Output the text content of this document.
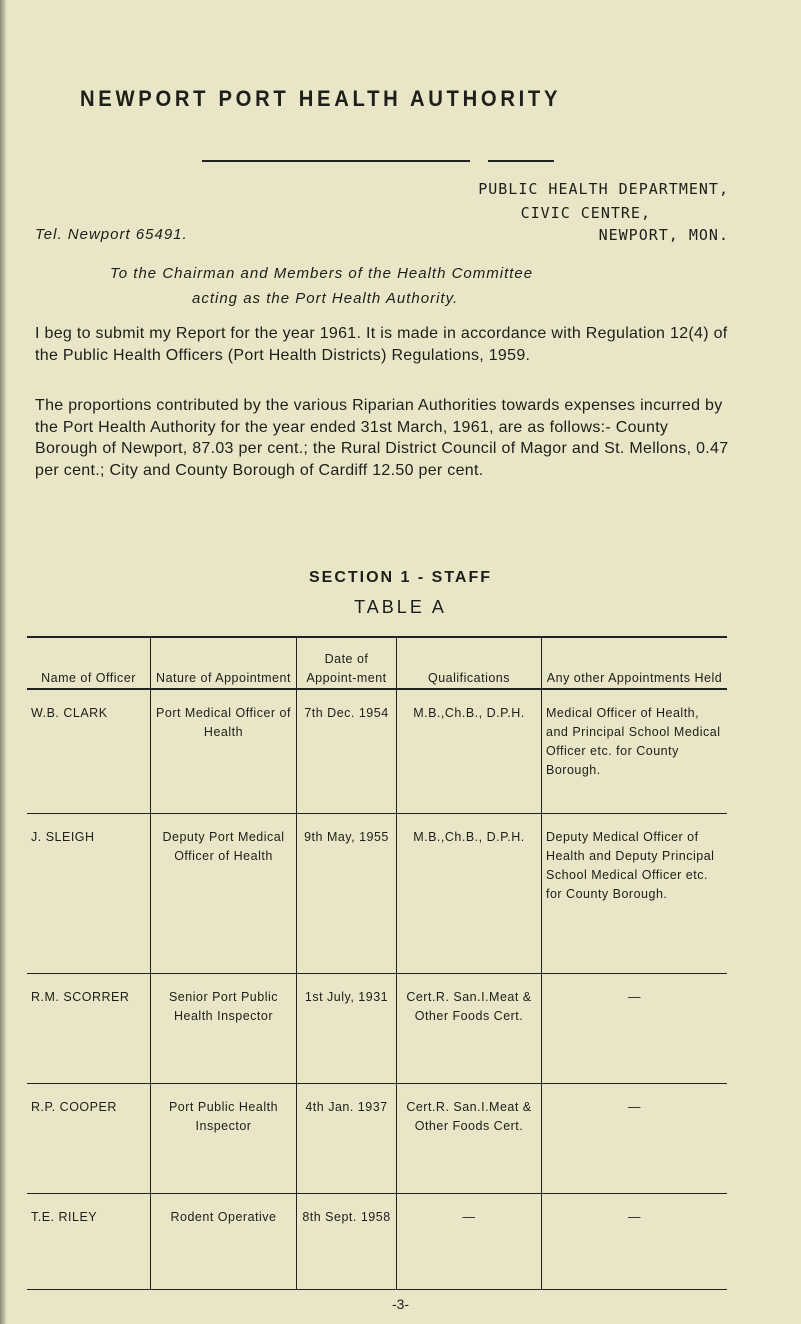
NEWPORT PORT HEALTH AUTHORITY
PUBLIC HEALTH DEPARTMENT,
CIVIC CENTRE,
NEWPORT, MON.
Tel. Newport 65491.
To the Chairman and Members of the Health Committee
acting as the Port Health Authority.
I beg to submit my Report for the year 1961. It is made in accordance with Regulation 12(4) of the Public Health Officers (Port Health Districts) Regulations, 1959.
The proportions contributed by the various Riparian Authorities towards expenses incurred by the Port Health Authority for the year ended 31st March, 1961, are as follows:- County Borough of Newport, 87.03 per cent.; the Rural District Council of Magor and St. Mellons, 0.47 per cent.; City and County Borough of Cardiff 12.50 per cent.
SECTION 1 - STAFF
TABLE A
Name of Officer	Nature of Appointment	Date of Appoint-ment	Qualifications	Any other Appointments Held
W.B. CLARK	Port Medical Officer of Health	7th Dec. 1954	M.B.,Ch.B., D.P.H.	Medical Officer of Health, and Principal School Medical Officer etc. for County Borough.
J. SLEIGH	Deputy Port Medical Officer of Health	9th May, 1955	M.B.,Ch.B., D.P.H.	Deputy Medical Officer of Health and Deputy Principal School Medical Officer etc. for County Borough.
R.M. SCORRER	Senior Port Public Health Inspector	1st July, 1931	Cert.R. San.I.Meat & Other Foods Cert.	—
R.P. COOPER	Port Public Health Inspector	4th Jan. 1937	Cert.R. San.I.Meat & Other Foods Cert.	—
T.E. RILEY	Rodent Operative	8th Sept. 1958	—	—
-3-
